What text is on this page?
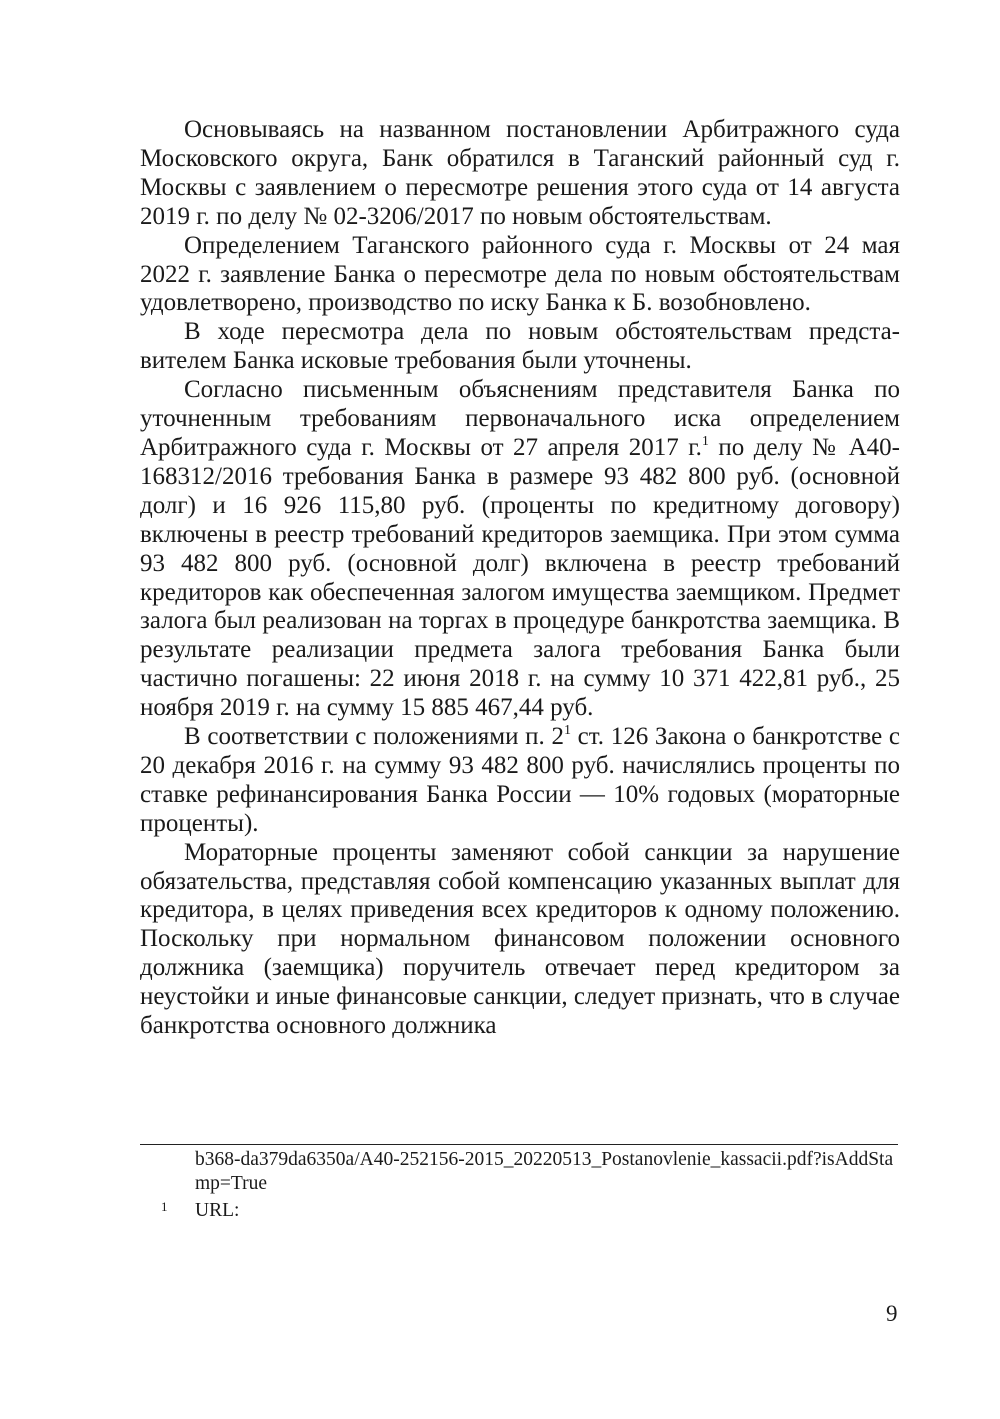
Основываясь на названном постановлении Арбитражного суда Московского округа, Банк обратился в Таганский районный суд г. Москвы с заявлением о пересмотре решения этого суда от 14 августа 2019 г. по делу № 02-3206/2017 по новым обстоятельствам.

Определением Таганского районного суда г. Москвы от 24 мая 2022 г. заявление Банка о пересмотре дела по новым обстоятельствам удовлетворено, производство по иску Банка к Б. возобновлено.

В ходе пересмотра дела по новым обстоятельствам представителем Банка исковые требования были уточнены.

Согласно письменным объяснениям представителя Банка по уточненным требованиям первоначального иска определением Арбитражного суда г. Москвы от 27 апреля 2017 г.$^1$ по делу № А40-168312/2016 требования Банка в размере 93 482 800 руб. (основной долг) и 16 926 115,80 руб. (проценты по кредитному договору) включены в реестр требований кредиторов заемщика. При этом сумма 93 482 800 руб. (основной долг) включена в реестр требований кредиторов как обеспеченная залогом имущества заемщиком. Предмет залога был реализован на торгах в процедуре банкротства заемщика. В результате реализации предмета залога требования Банка были частично погашены: 22 июня 2018 г. на сумму 10 371 422,81 руб., 25 ноября 2019 г. на сумму 15 885 467,44 руб.

В соответствии с положениями п. $2^1$ ст. 126 Закона о банкротстве с 20 декабря 2016 г. на сумму 93 482 800 руб. начислялись проценты по ставке рефинансирования Банка России — 10% годовых (мораторные проценты).

Мораторные проценты заменяют собой санкции за нарушение обязательства, представляя собой компенсацию указанных выплат для кредитора, в целях приведения всех кредиторов к одному положению. Поскольку при нормальном финансовом положении основного должника (заемщика) поручитель отвечает перед кредитором за неустойки и иные финансовые санкции, следует признать, что в случае банкротства основного должника

b368-da379da6350a/A40-252156-2015_20220513_Postanovlenie_kassacii.pdf?isAddStamp=True

1 URL:

9
